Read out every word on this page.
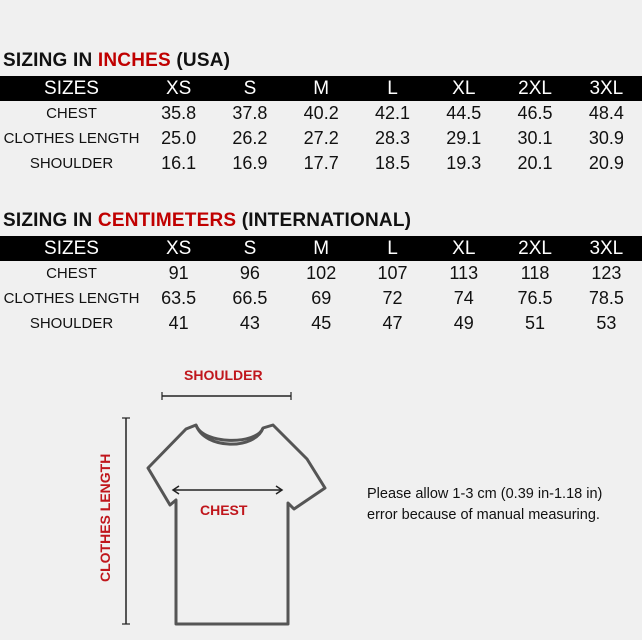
SIZING IN INCHES (USA)
SIZES	XS	S	M	L	XL	2XL	3XL
CHEST	35.8	37.8	40.2	42.1	44.5	46.5	48.4
CLOTHES LENGTH	25.0	26.2	27.2	28.3	29.1	30.1	30.9
SHOULDER	16.1	16.9	17.7	18.5	19.3	20.1	20.9
SIZING IN CENTIMETERS (INTERNATIONAL)
SIZES	XS	S	M	L	XL	2XL	3XL
CHEST	91	96	102	107	113	118	123
CLOTHES LENGTH	63.5	66.5	69	72	74	76.5	78.5
SHOULDER	41	43	45	47	49	51	53
SHOULDER
CHEST
CLOTHES LENGTH	Please allow 1-3 cm (0.39 in-1.18 in)
error because of manual measuring.
